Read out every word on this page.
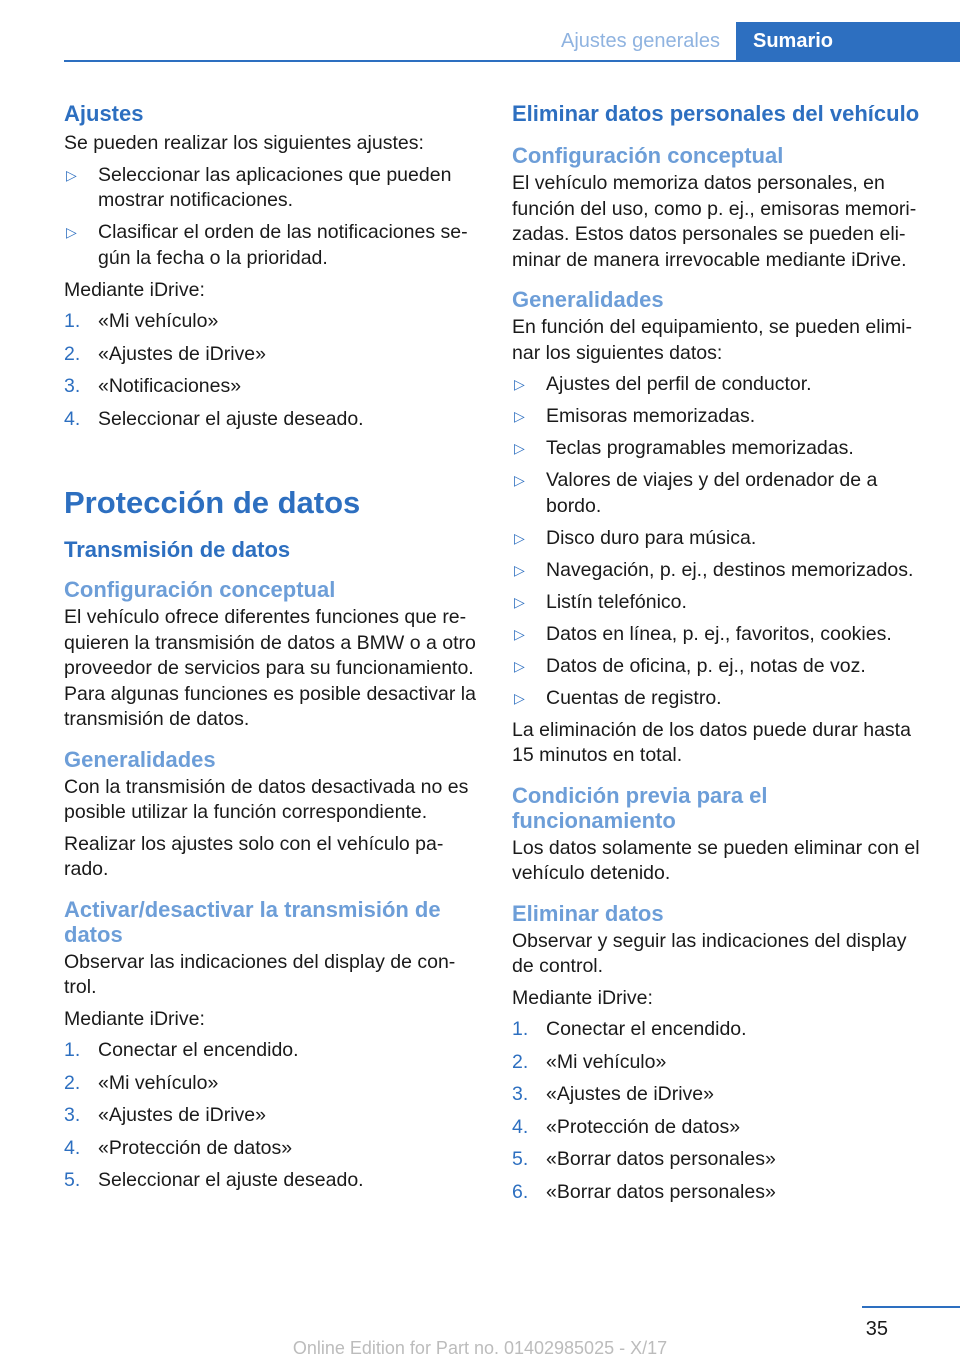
Ajustes generales	Sumario
Ajustes
Se pueden realizar los siguientes ajustes:
▷ Seleccionar las aplicaciones que pueden mostrar notificaciones.
▷ Clasificar el orden de las notificaciones según la fecha o la prioridad.
Mediante iDrive:
1. «Mi vehículo»
2. «Ajustes de iDrive»
3. «Notificaciones»
4. Seleccionar el ajuste deseado.
Protección de datos
Transmisión de datos
Configuración conceptual
El vehículo ofrece diferentes funciones que requieren la transmisión de datos a BMW o a otro proveedor de servicios para su funcionamiento. Para algunas funciones es posible desactivar la transmisión de datos.
Generalidades
Con la transmisión de datos desactivada no es posible utilizar la función correspondiente.
Realizar los ajustes solo con el vehículo parado.
Activar/desactivar la transmisión de datos
Observar las indicaciones del display de control.
Mediante iDrive:
1. Conectar el encendido.
2. «Mi vehículo»
3. «Ajustes de iDrive»
4. «Protección de datos»
5. Seleccionar el ajuste deseado.
Eliminar datos personales del vehículo
Configuración conceptual
El vehículo memoriza datos personales, en función del uso, como p. ej., emisoras memorizadas. Estos datos personales se pueden eliminar de manera irrevocable mediante iDrive.
Generalidades
En función del equipamiento, se pueden eliminar los siguientes datos:
▷ Ajustes del perfil de conductor.
▷ Emisoras memorizadas.
▷ Teclas programables memorizadas.
▷ Valores de viajes y del ordenador de a bordo.
▷ Disco duro para música.
▷ Navegación, p. ej., destinos memorizados.
▷ Listín telefónico.
▷ Datos en línea, p. ej., favoritos, cookies.
▷ Datos de oficina, p. ej., notas de voz.
▷ Cuentas de registro.
La eliminación de los datos puede durar hasta 15 minutos en total.
Condición previa para el funcionamiento
Los datos solamente se pueden eliminar con el vehículo detenido.
Eliminar datos
Observar y seguir las indicaciones del display de control.
Mediante iDrive:
1. Conectar el encendido.
2. «Mi vehículo»
3. «Ajustes de iDrive»
4. «Protección de datos»
5. «Borrar datos personales»
6. «Borrar datos personales»
35
Online Edition for Part no. 01402985025 - X/17
